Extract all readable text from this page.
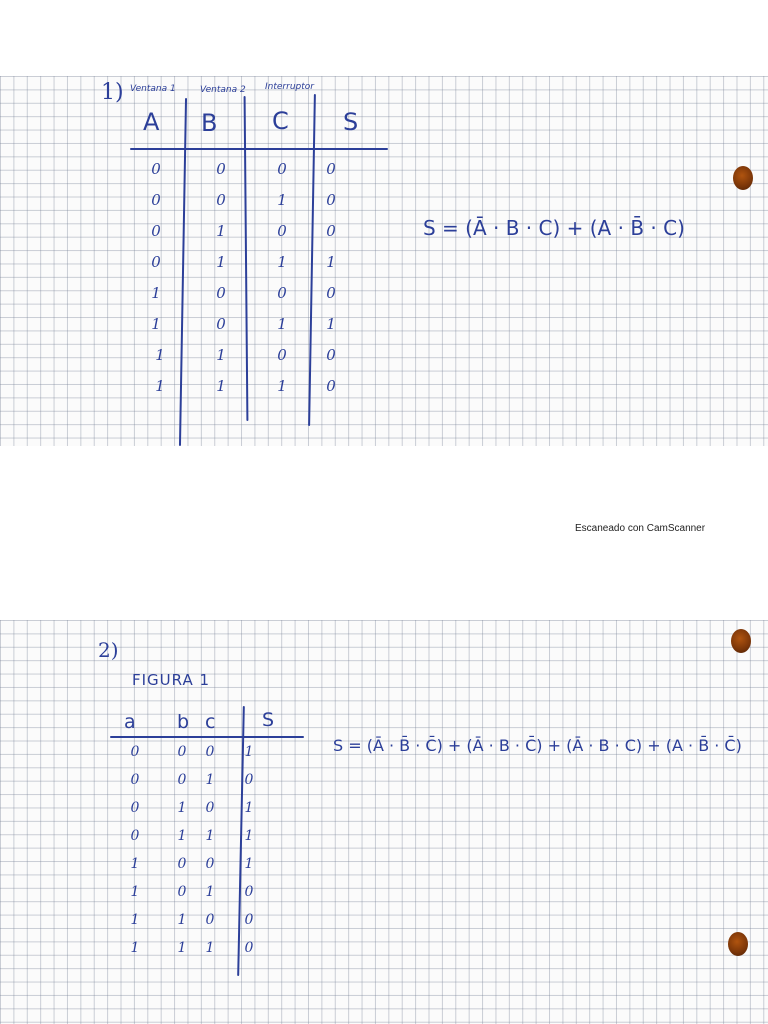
1) Ventana 1	Ventana 2 Interruptor
A B C S
0	0	0	0
0	0	1	0
0	1	0	0
0	1	1	1
1	0	0	0
1	0	1	1
1	1	0	0
1	1	1	0
S = (Ā · B · C) + (A · B̄ · C)
Escaneado con CamScanner
2)
FIGURA 1
a b c S
0	0	0	1
0	0	1	0
0	1	0	1
0	1	1	1
1	0	0	1
1	0	1	0
1	1	0	0
1	1	1	0
S = (Ā · B̄ · C̄) + (Ā · B · C̄) + (Ā · B · C) + (A · B̄ · C̄)
